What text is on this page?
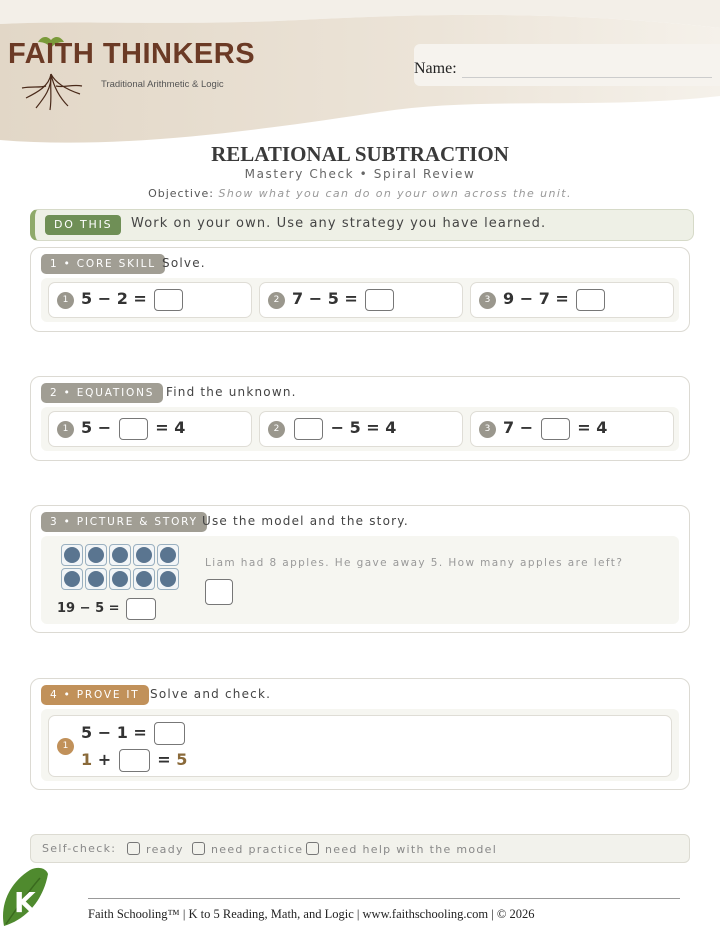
FAITH THINKERS
Traditional Arithmetic & Logic
Name:
RELATIONAL SUBTRACTION
Mastery Check • Spiral Review
Objective: Show what you can do on your own across the unit.
DO THIS	Work on your own. Use any strategy you have learned.
1 • CORE SKILL Solve.
1 5 − 2 =	2 7 − 5 =	3 9 − 7 =
2 • EQUATIONS Find the unknown.
1 5 −	= 4	2	− 5 = 4	3 7 −	= 4
3 • PICTURE & STORY Use the model and the story.
19 − 5 =
Liam had 8 apples. He gave away 5. How many apples are left?
4 • PROVE IT Solve and check.
1
5 − 1 =
1 +	= 5
Self-check:	ready	need practice	need help with the model
K	Faith Schooling™ | K to 5 Reading, Math, and Logic | www.faithschooling.com | © 2026
